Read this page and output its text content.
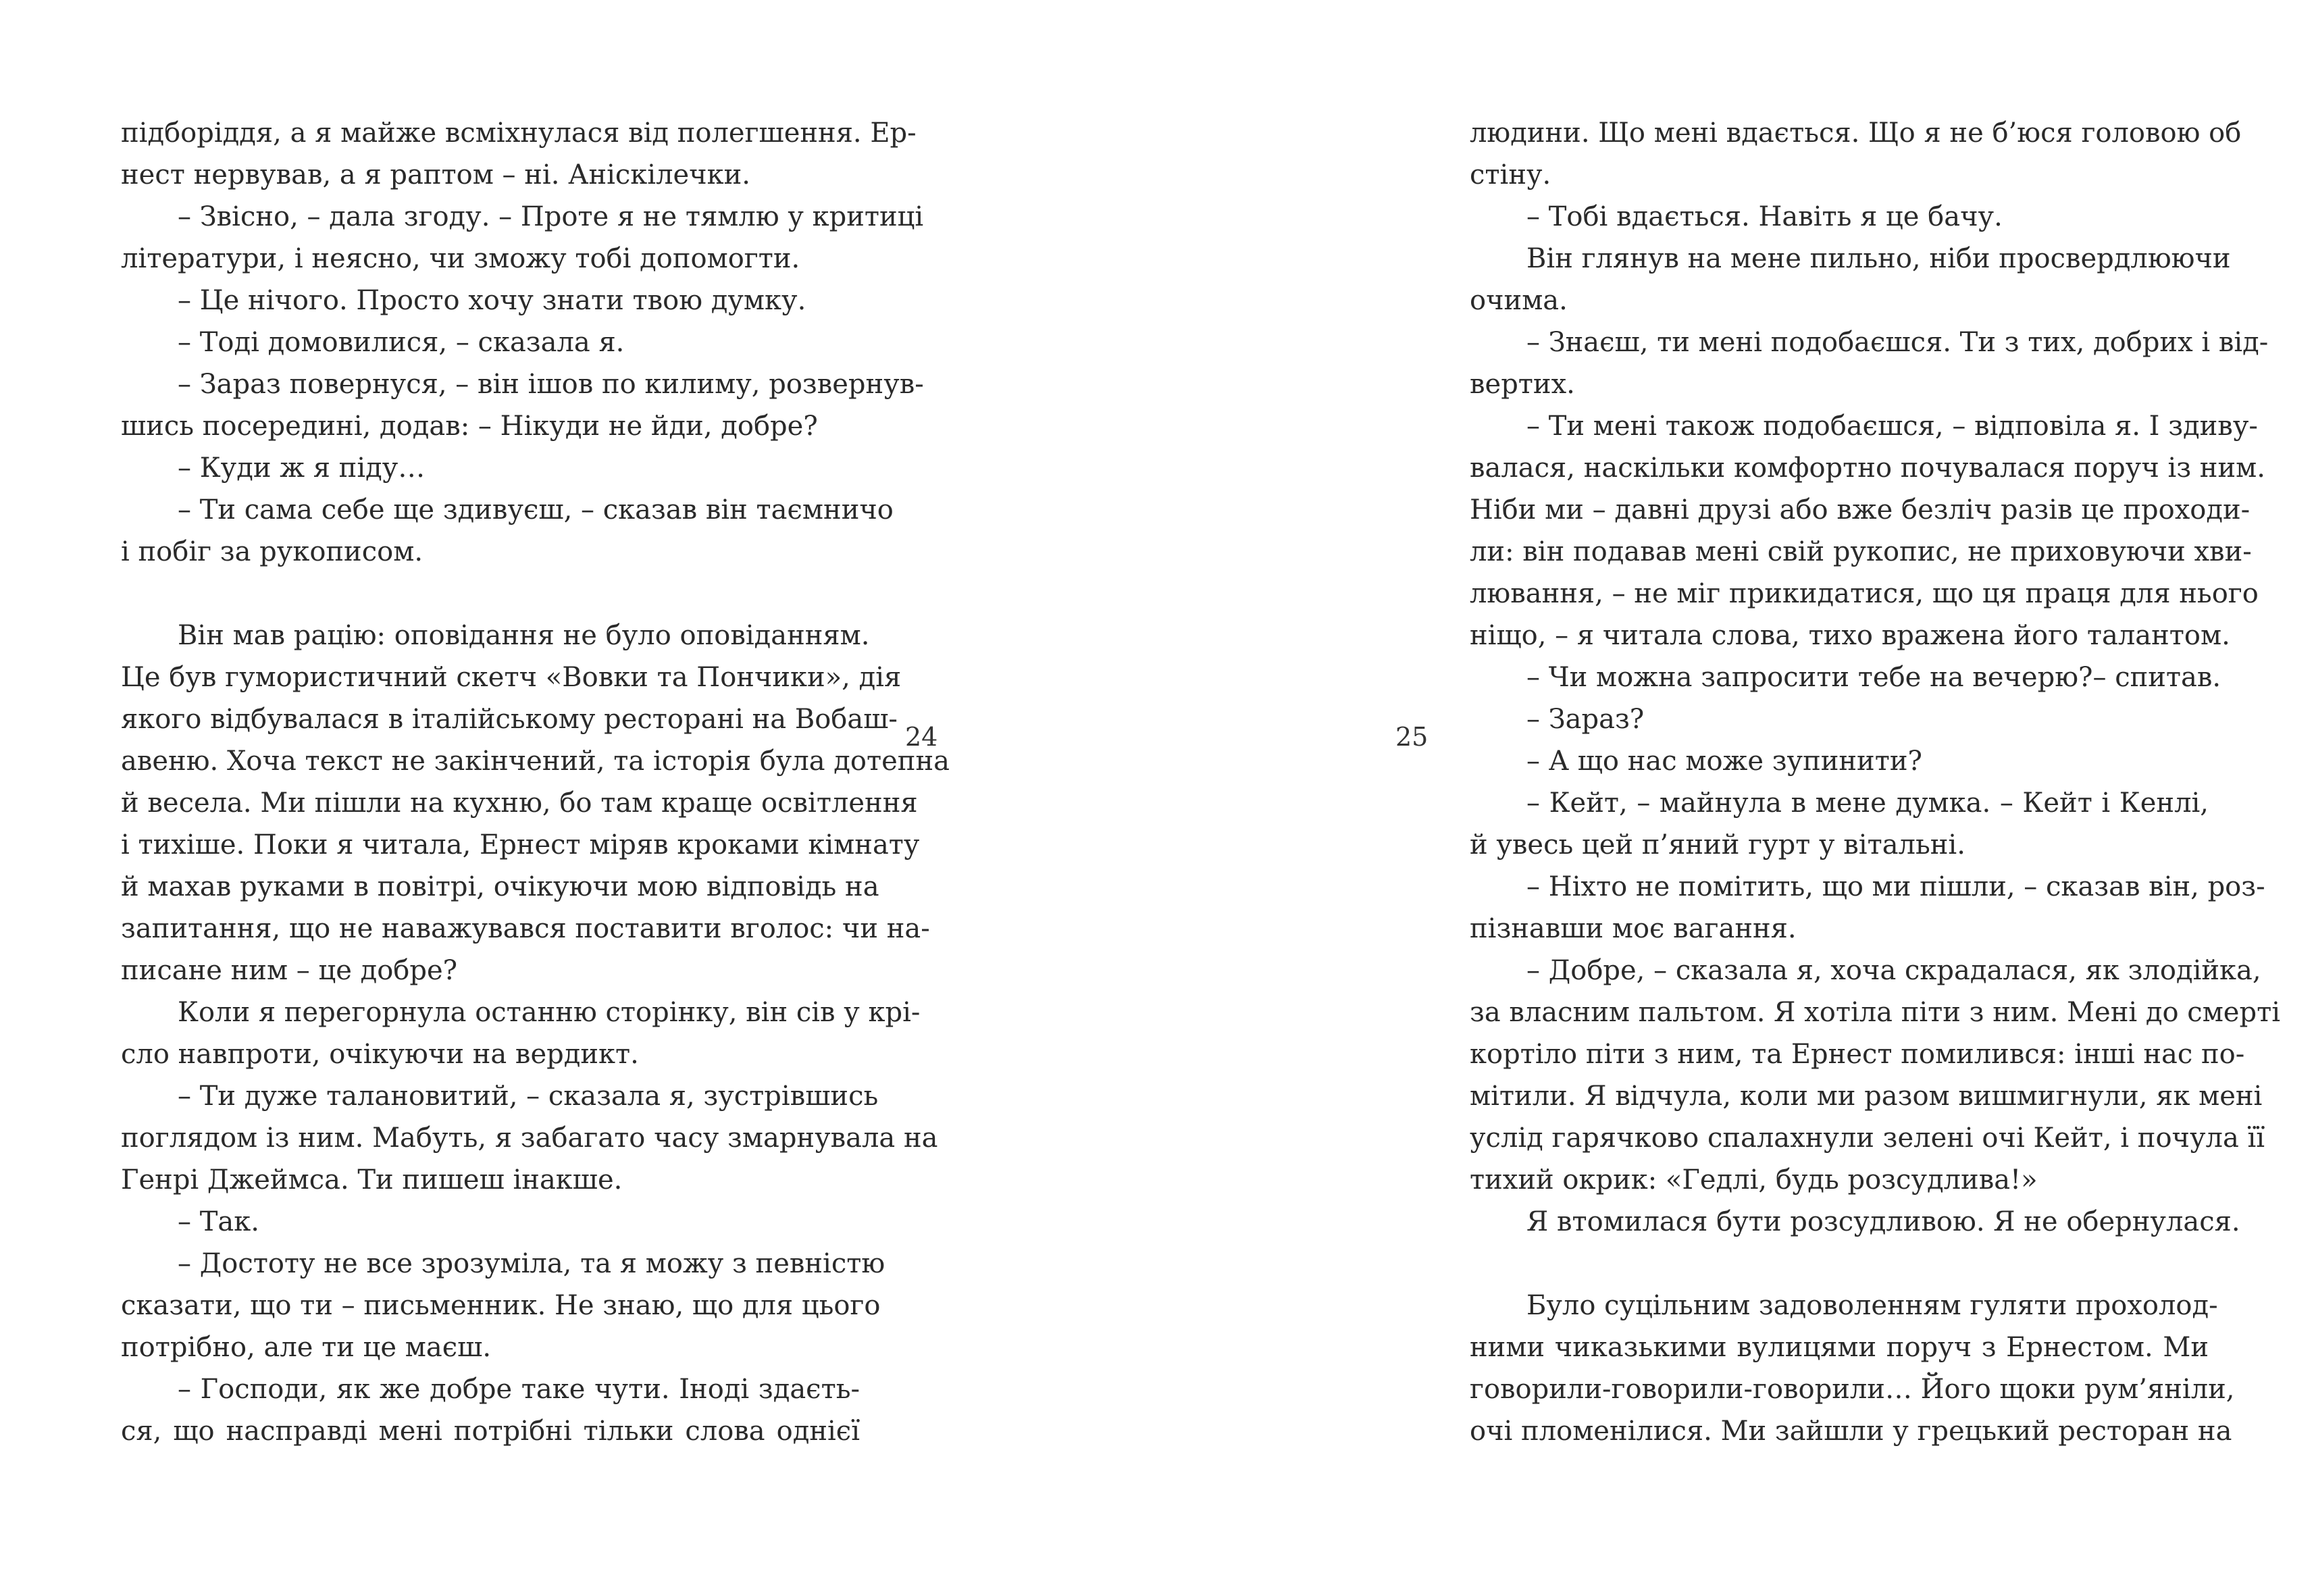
підборіддя, а я майже всміхнулася від полегшення. Ер-
нест нервував, а я раптом – ні. Аніскілечки.
– Звісно, – дала згоду. – Проте я не тямлю у критиці
літератури, і неясно, чи зможу тобі допомогти.
– Це нічого. Просто хочу знати твою думку.
– Тоді домовилися, – сказала я.
– Зараз повернуся, – він ішов по килиму, розвернув-
шись посередині, додав: – Нікуди не йди, добре?
– Куди ж я піду…
– Ти сама себе ще здивуєш, – сказав він таємничо
і побіг за рукописом.
Він мав рацію: оповідання не було оповіданням.
Це був гумористичний скетч «Вовки та Пончики», дія
якого відбувалася в італійському ресторані на Вобаш-
авеню. Хоча текст не закінчений, та історія була дотепна
й весела. Ми пішли на кухню, бо там краще освітлення
і тихіше. Поки я читала, Ернест міряв кроками кімнату
й махав руками в повітрі, очікуючи мою відповідь на
запитання, що не наважувався поставити вголос: чи на-
писане ним – це добре?
Коли я перегорнула останню сторінку, він сів у крі-
сло навпроти, очікуючи на вердикт.
– Ти дуже талановитий, – сказала я, зустрівшись
поглядом із ним. Мабуть, я забагато часу змарнувала на
Генрі Джеймса. Ти пишеш інакше.
– Так.
– Достоту не все зрозуміла, та я можу з певністю
сказати, що ти – письменник. Не знаю, що для цього
потрібно, але ти це маєш.
– Господи, як же добре таке чути. Іноді здаєть-
ся, що насправді мені потрібні тільки слова однієї
24	25
людини. Що мені вдається. Що я не б’юся головою об
стіну.
– Тобі вдається. Навіть я це бачу.
Він глянув на мене пильно, ніби просвердлюючи
очима.
– Знаєш, ти мені подобаєшся. Ти з тих, добрих і від-
вертих.
– Ти мені також подобаєшся, – відповіла я. І здиву-
валася, наскільки комфортно почувалася поруч із ним.
Ніби ми – давні друзі або вже безліч разів це проходи-
ли: він подавав мені свій рукопис, не приховуючи хви-
лювання, – не міг прикидатися, що ця праця для нього
ніщо, – я читала слова, тихо вражена його талантом.
– Чи можна запросити тебе на вечерю?– спитав.
– Зараз?
– А що нас може зупинити?
– Кейт, – майнула в мене думка. – Кейт і Кенлі,
й увесь цей п’яний гурт у вітальні.
– Ніхто не помітить, що ми пішли, – сказав він, роз-
пізнавши моє вагання.
– Добре, – сказала я, хоча скрадалася, як злодійка,
за власним пальтом. Я хотіла піти з ним. Мені до смерті
кортіло піти з ним, та Ернест помилився: інші нас по-
мітили. Я відчула, коли ми разом вишмигнули, як мені
услід гарячково спалахнули зелені очі Кейт, і почула її
тихий окрик: «Гедлі, будь розсудлива!»
Я втомилася бути розсудливою. Я не обернулася.
Було суцільним задоволенням гуляти прохолод-
ними чиказькими вулицями поруч з Ернестом. Ми
говорили-говорили-говорили… Його щоки рум’яніли,
очі пломенілися. Ми зайшли у грецький ресторан на
